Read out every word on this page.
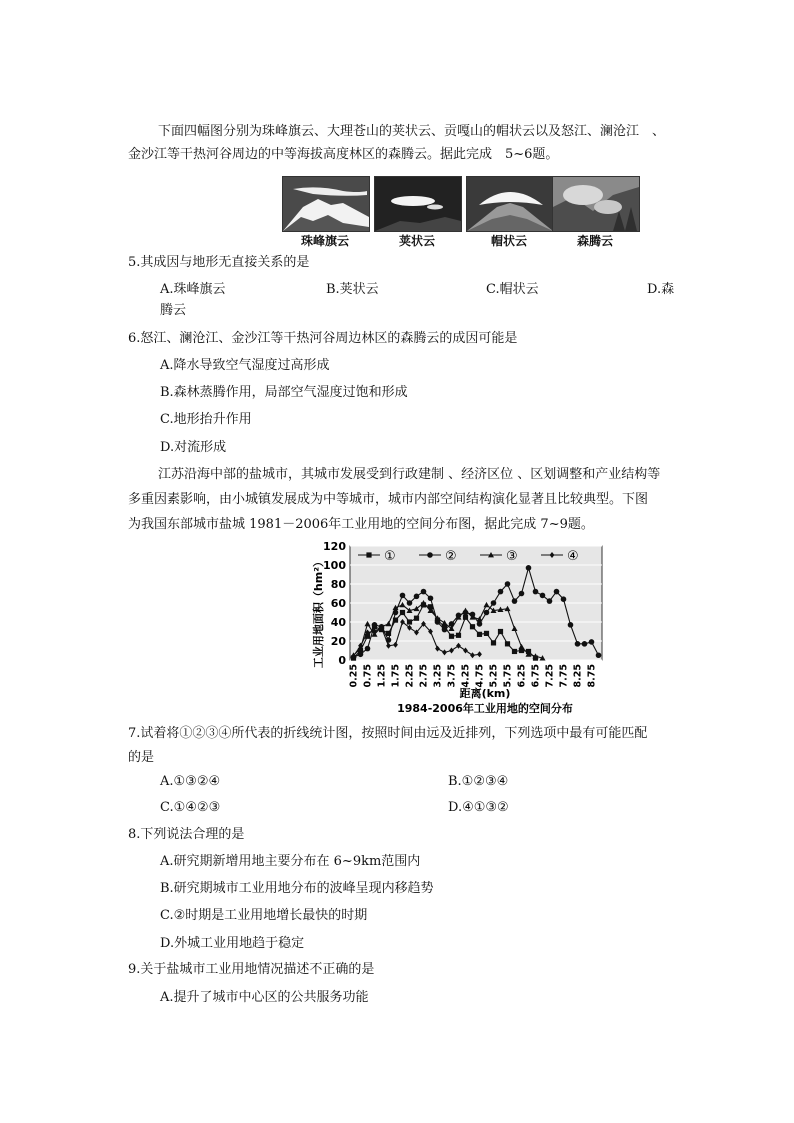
下面四幅图分别为珠峰旗云、大理苍山的荚状云、贡嘎山的帽状云以及怒江、澜沧江　、
金沙江等干热河谷周边的中等海拔高度林区的森腾云。据此完成　5~6题。
珠峰旗云	荚状云	帽状云	森腾云
5.其成因与地形无直接关系的是
A.珠峰旗云	B.荚状云	C.帽状云	D.森
腾云
6.怒江、澜沧江、金沙江等干热河谷周边林区的森腾云的成因可能是
A.降水导致空气湿度过高形成
B.森林蒸腾作用，局部空气湿度过饱和形成
C.地形抬升作用
D.对流形成
江苏沿海中部的盐城市，其城市发展受到行政建制 、经济区位 、区划调整和产业结构等
多重因素影响，由小城镇发展成为中等城市，城市内部空间结构演化显著且比较典型。下图
为我国东部城市盐城 1981－2006年工业用地的空间分布图，据此完成 7~9题。
工业用地面积（hm²）
距离(km)
1984-2006年工业用地的空间分布
0
20
40
60
80
100
120
0.25 0.75 1.25 1.75 2.25 2.75 3.25 3.75 4.25 4.75 5.25 5.75 6.25 6.75 7.25 7.75 8.25 8.75
①	②	③	④
7.试着将①②③④所代表的折线统计图，按照时间由远及近排列，下列选项中最有可能匹配
的是
A.①③②④	B.①②③④
C.①④②③	D.④①③②
8.下列说法合理的是
A.研究期新增用地主要分布在 6~9km范围内
B.研究期城市工业用地分布的波峰呈现内移趋势
C.②时期是工业用地增长最快的时期
D.外城工业用地趋于稳定
9.关于盐城市工业用地情况描述不正确的是
A.提升了城市中心区的公共服务功能
